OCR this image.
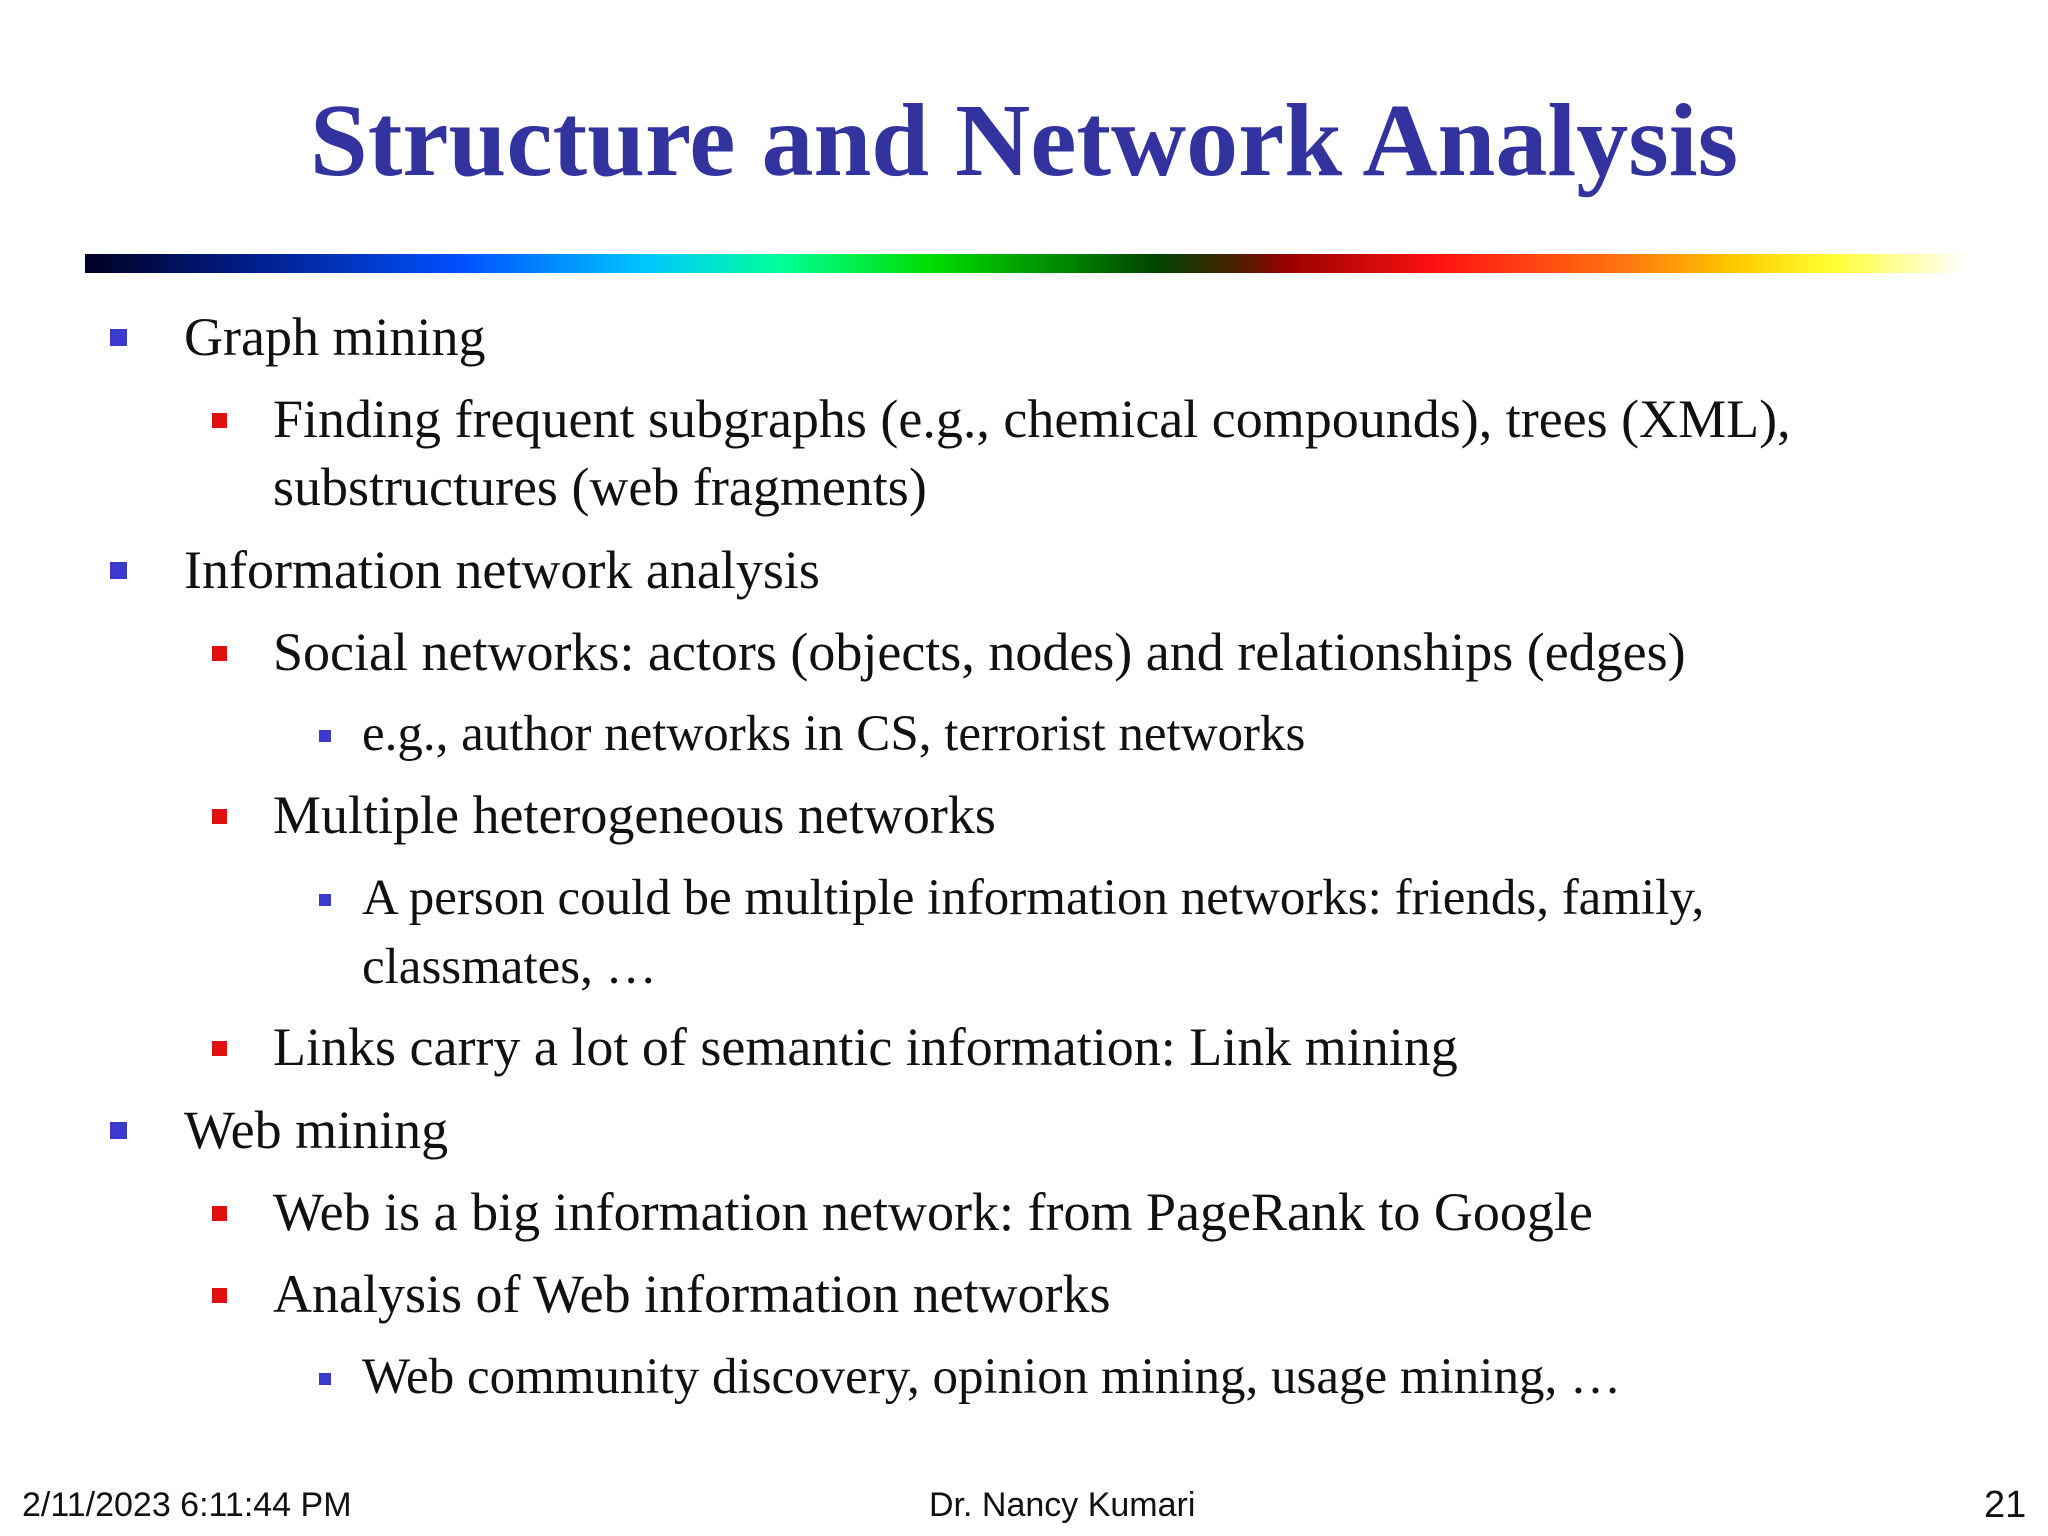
Structure and Network Analysis
Graph mining
Finding frequent subgraphs (e.g., chemical compounds), trees (XML),
substructures (web fragments)
Information network analysis
Social networks: actors (objects, nodes) and relationships (edges)
e.g., author networks in CS, terrorist networks
Multiple heterogeneous networks
A person could be multiple information networks: friends, family,
classmates, …
Links carry a lot of semantic information: Link mining
Web mining
Web is a big information network: from PageRank to Google
Analysis of Web information networks
Web community discovery, opinion mining, usage mining, …
2/11/2023 6:11:44 PM	Dr. Nancy Kumari	21
